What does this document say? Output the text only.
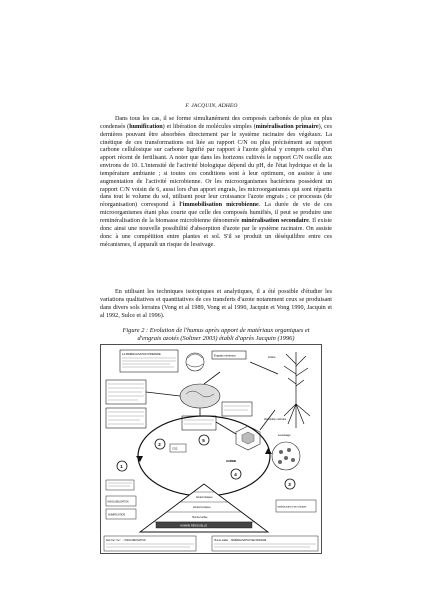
F. JACQUIN, ADHEO
Dans tous les cas, il se forme simultanément des composés carbonés de plus en plus condensés (humification) et libération de molécules simples (minéralisation primaire), ces dernières pouvant être absorbées directement par le système racinaire des végétaux. La cinétique de ces transformations est liée au rapport C/N ou plus précisément au rapport carbone cellulosique sur carbone lignifié par rapport à l'azote global y compris celui d'un apport récent de fertilisant. A noter que dans les horizons cultivés le rapport C/N oscille aux environs de 10. L'intensité de l'activité biologique dépend du pH, de l'état hydrique et de la température ambiante ; si toutes ces conditions sont à leur optimum, on assiste à une augmentation de l'activité microbienne. Or les microorganismes bactériens possèdent un rapport C/N voisin de 6, aussi lors d'un apport engrais, les microorganismes qui sont répartis dans tout le volume du sol, utilisent pour leur croissance l'azote engrais ; ce processus (de réorganisation) correspond à l'immobilisation microbienne. La durée de vie de ces microorganismes étant plus courte que celle des composés humifiés, il peut se produire une reminéralisation de la biomasse microbienne dénommée minéralisation secondaire. Il existe donc ainsi une nouvelle possibilité d'absorption d'azote par le système racinaire. On assiste donc à une compétition entre plantes et sol. S'il se produit un déséquilibre entre ces mécanismes, il apparaît un risque de lessivage.
En utilisant les techniques isotopiques et analytiques, il a été possible d'étudier les variations qualitatives et quantitatives de ces transferts d'azote notamment ceux se produisant dans divers sols lorrains (Vong et al 1989, Vong et al 1990, Jacquin et Vong 1990, Jacquin et al 1992, Sulce et al 1996).
Figure 2 : Evolution de l'humus après apport de matériaux organiques et
d'engrais azotés (Soltner 2003) établi d'après Jacquin (1996)
LA MINÉRALISATION PRIMAIRE	Engrais minéraux	Litière
Lessivage
1
2
3
4
5
CO2
INSOLUBILISATION
HUMIFICATION
MINÉRALISATION SECONDAIRE
Acides fulviques
Acides humiques
Humine héritée
HUMINE RÉSIDUELLE
Sels Ca²⁺ Fe³⁺ ... INSOLUBILISATION	Humus stable ... MINÉRALISATION SECONDAIRE
Absorption racinaire
HUMINE
